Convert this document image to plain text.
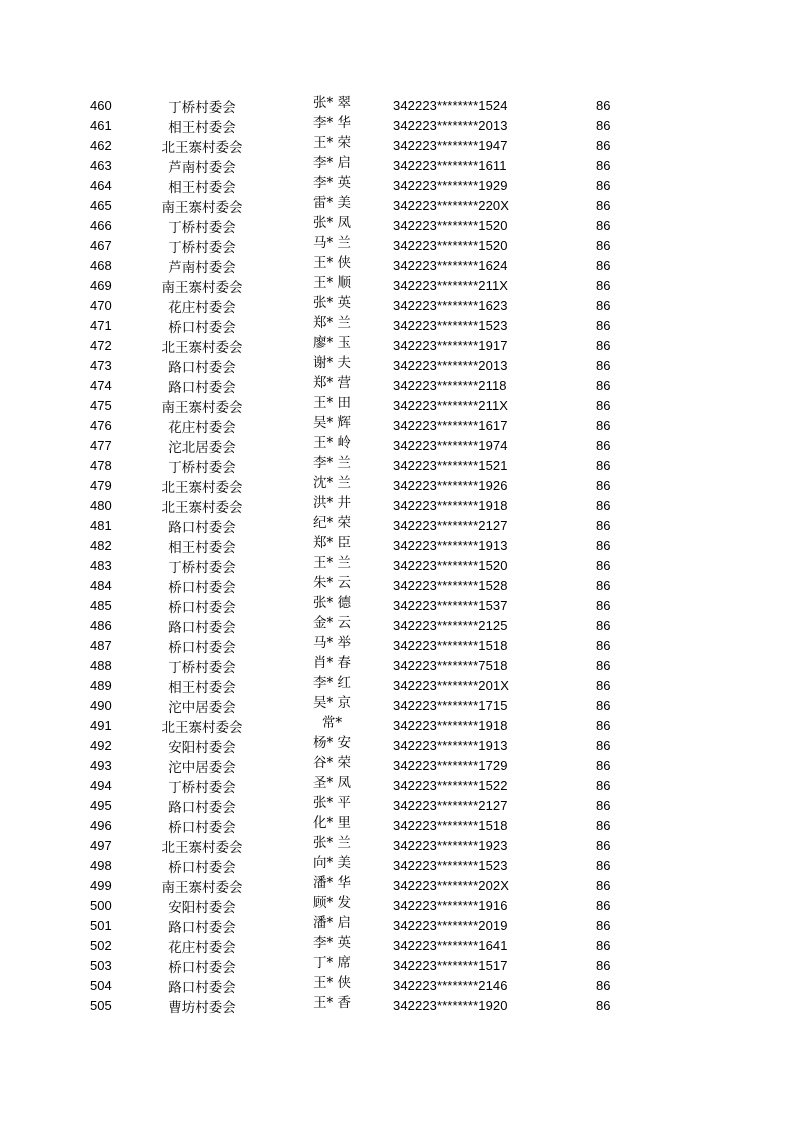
460	丁桥村委会	张* 翠	342223********1524	86
461	相王村委会	李* 华	342223********2013	86
462	北王寨村委会	王* 荣	342223********1947	86
463	芦南村委会	李* 启	342223********1611	86
464	相王村委会	李* 英	342223********1929	86
465	南王寨村委会	雷* 美	342223********220X	86
466	丁桥村委会	张* 凤	342223********1520	86
467	丁桥村委会	马* 兰	342223********1520	86
468	芦南村委会	王* 侠	342223********1624	86
469	南王寨村委会	王* 顺	342223********211X	86
470	花庄村委会	张* 英	342223********1623	86
471	桥口村委会	郑* 兰	342223********1523	86
472	北王寨村委会	廖* 玉	342223********1917	86
473	路口村委会	谢* 夫	342223********2013	86
474	路口村委会	郑* 营	342223********2118	86
475	南王寨村委会	王* 田	342223********211X	86
476	花庄村委会	吴* 辉	342223********1617	86
477	沱北居委会	王* 岭	342223********1974	86
478	丁桥村委会	李* 兰	342223********1521	86
479	北王寨村委会	沈* 兰	342223********1926	86
480	北王寨村委会	洪* 井	342223********1918	86
481	路口村委会	纪* 荣	342223********2127	86
482	相王村委会	郑* 臣	342223********1913	86
483	丁桥村委会	王* 兰	342223********1520	86
484	桥口村委会	朱* 云	342223********1528	86
485	桥口村委会	张* 德	342223********1537	86
486	路口村委会	金* 云	342223********2125	86
487	桥口村委会	马* 举	342223********1518	86
488	丁桥村委会	肖* 春	342223********7518	86
489	相王村委会	李* 红	342223********201X	86
490	沱中居委会	吴* 京	342223********1715	86
491	北王寨村委会	常*	342223********1918	86
492	安阳村委会	杨* 安	342223********1913	86
493	沱中居委会	谷* 荣	342223********1729	86
494	丁桥村委会	圣* 凤	342223********1522	86
495	路口村委会	张* 平	342223********2127	86
496	桥口村委会	化* 里	342223********1518	86
497	北王寨村委会	张* 兰	342223********1923	86
498	桥口村委会	向* 美	342223********1523	86
499	南王寨村委会	潘* 华	342223********202X	86
500	安阳村委会	顾* 发	342223********1916	86
501	路口村委会	潘* 启	342223********2019	86
502	花庄村委会	李* 英	342223********1641	86
503	桥口村委会	丁* 席	342223********1517	86
504	路口村委会	王* 侠	342223********2146	86
505	曹坊村委会	王* 香	342223********1920	86
